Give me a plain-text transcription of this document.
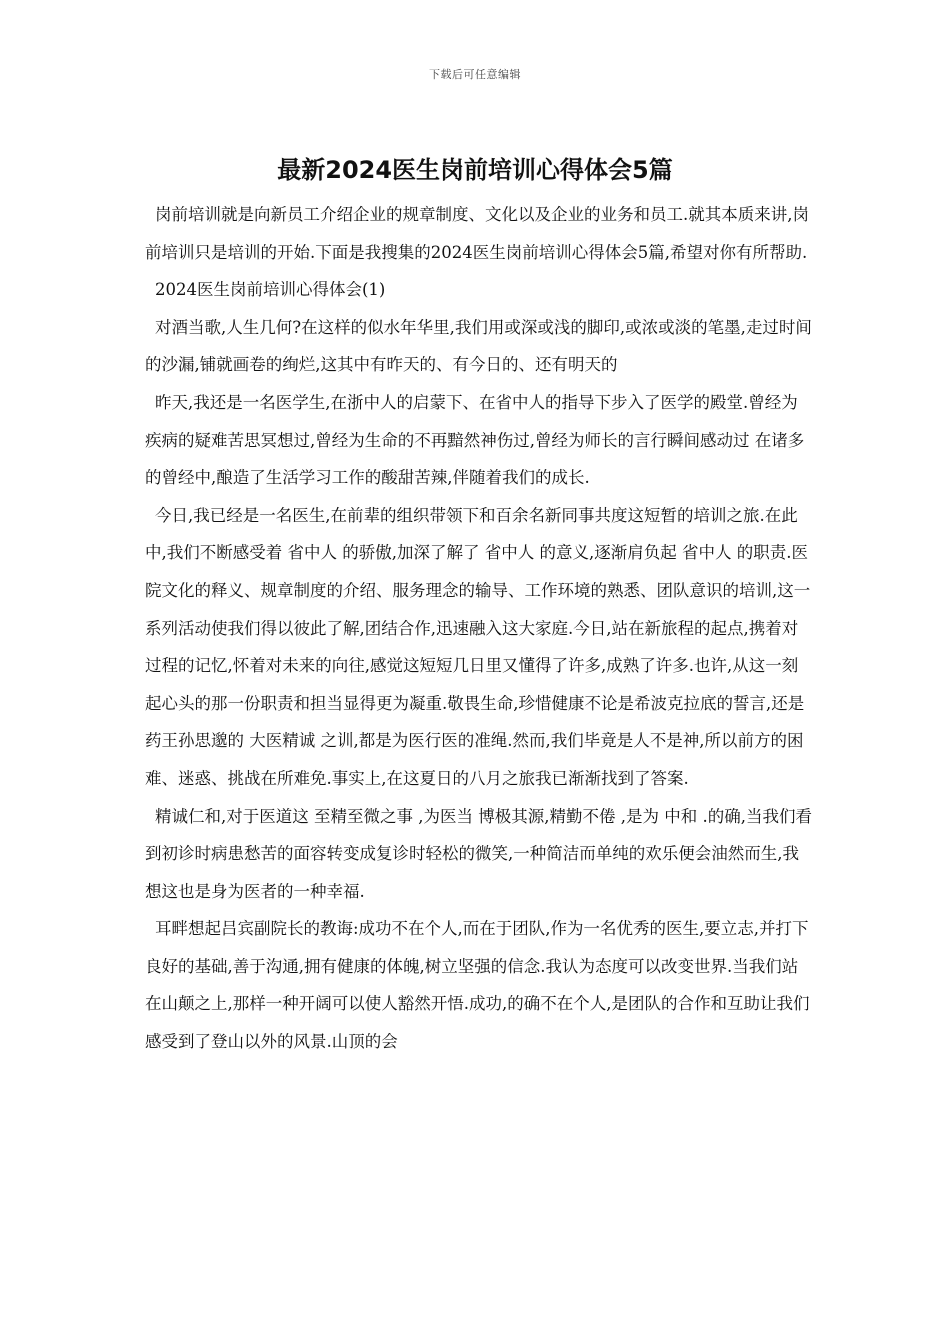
下载后可任意编辑
最新2024医生岗前培训心得体会5篇

岗前培训就是向新员工介绍企业的规章制度、文化以及企业的业务和员工.就其本质来讲,岗前培训只是培训的开始.下面是我搜集的2024医生岗前培训心得体会5篇,希望对你有所帮助.

2024医生岗前培训心得体会(1)

对酒当歌,人生几何?在这样的似水年华里,我们用或深或浅的脚印,或浓或淡的笔墨,走过时间的沙漏,铺就画卷的绚烂,这其中有昨天的、有今日的、还有明天的

昨天,我还是一名医学生,在浙中人的启蒙下、在省中人的指导下步入了医学的殿堂.曾经为疾病的疑难苦思冥想过,曾经为生命的不再黯然神伤过,曾经为师长的言行瞬间感动过 在诸多的曾经中,酿造了生活学习工作的酸甜苦辣,伴随着我们的成长.

今日,我已经是一名医生,在前辈的组织带领下和百余名新同事共度这短暂的培训之旅.在此中,我们不断感受着 省中人 的骄傲,加深了解了 省中人 的意义,逐渐肩负起 省中人 的职责.医院文化的释义、规章制度的介绍、服务理念的输导、工作环境的熟悉、团队意识的培训,这一系列活动使我们得以彼此了解,团结合作,迅速融入这大家庭.今日,站在新旅程的起点,携着对过程的记忆,怀着对未来的向往,感觉这短短几日里又懂得了许多,成熟了许多.也许,从这一刻起心头的那一份职责和担当显得更为凝重.敬畏生命,珍惜健康不论是希波克拉底的誓言,还是药王孙思邈的 大医精诚 之训,都是为医行医的准绳.然而,我们毕竟是人不是神,所以前方的困难、迷惑、挑战在所难免.事实上,在这夏日的八月之旅我已渐渐找到了答案.

精诚仁和,对于医道这 至精至微之事 ,为医当 博极其源,精勤不倦 ,是为 中和 .的确,当我们看到初诊时病患愁苦的面容转变成复诊时轻松的微笑,一种简洁而单纯的欢乐便会油然而生,我想这也是身为医者的一种幸福.

耳畔想起吕宾副院长的教诲:成功不在个人,而在于团队,作为一名优秀的医生,要立志,并打下良好的基础,善于沟通,拥有健康的体魄,树立坚强的信念.我认为态度可以改变世界.当我们站在山颠之上,那样一种开阔可以使人豁然开悟.成功,的确不在个人,是团队的合作和互助让我们感受到了登山以外的风景.山顶的会
